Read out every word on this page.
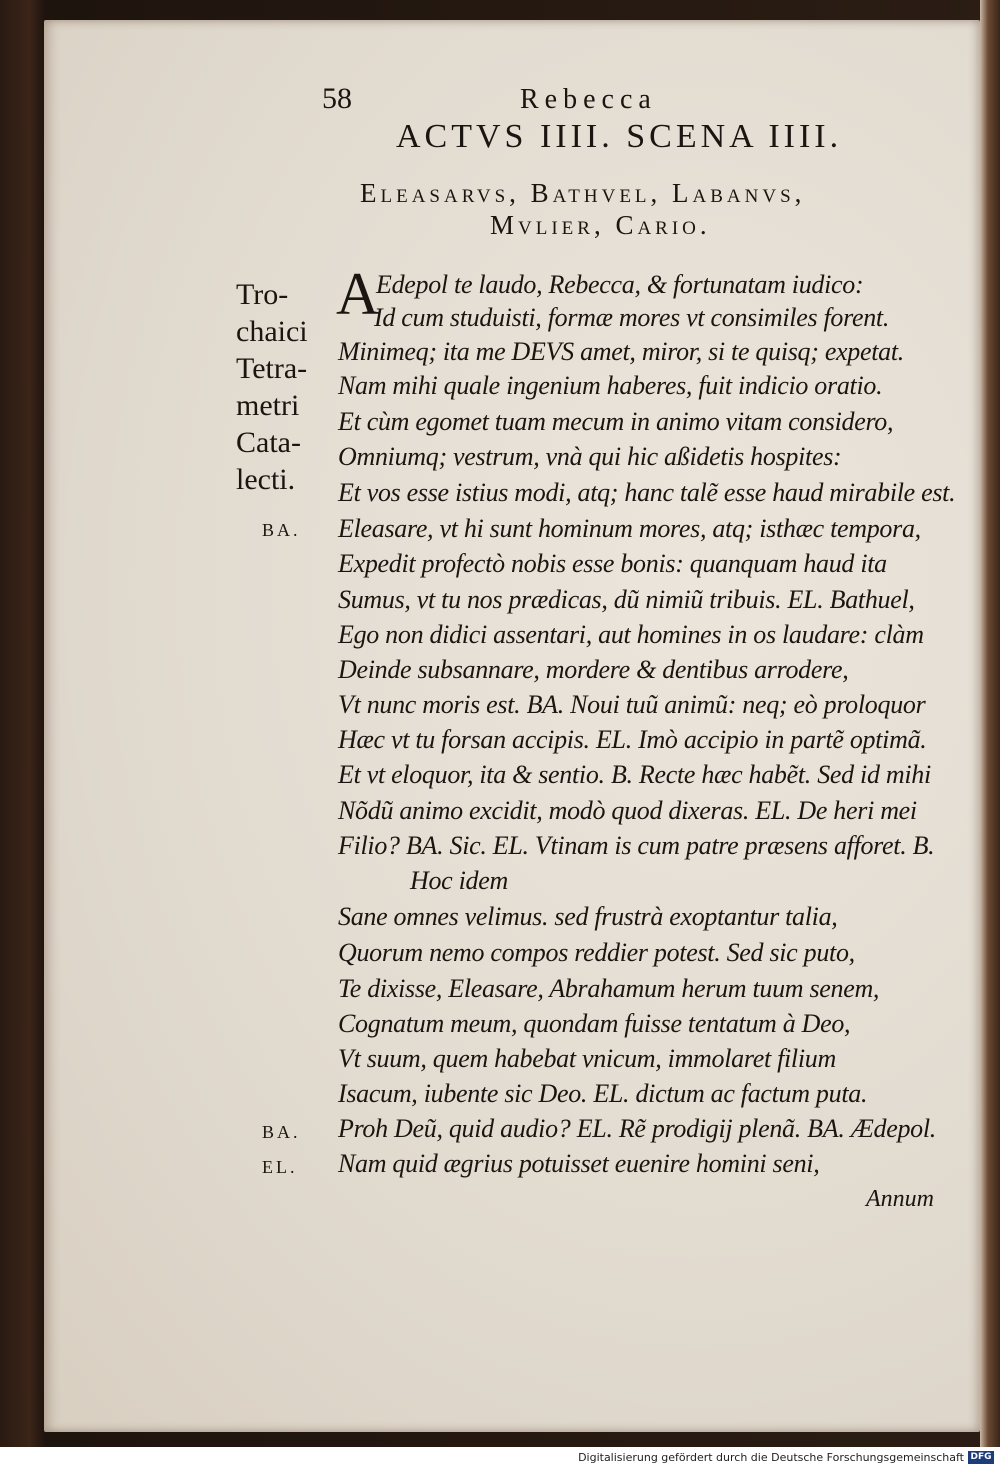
58	Rebecca
ACTVS IIII. SCENA IIII.
Eleasarvs, Bathvel, Labanvs,
Mvlier, Cario.
Tro-
chaici
Tetra-
metri
Cata-
lecti.
A
Edepol te laudo, Rebecca, & fortunatam iudico:
Id cum studuisti, formæ mores vt consimiles forent.
Minimeq; ita me DEVS amet, miror, si te quisq; expetat.
Nam mihi quale ingenium haberes, fuit indicio oratio.
Et cùm egomet tuam mecum in animo vitam considero,
Omniumq; vestrum, vnà qui hic aßidetis hospites:
Et vos esse istius modi, atq; hanc talẽ esse haud mirabile est.
Eleasare, vt hi sunt hominum mores, atq; isthæc tempora,
Expedit profectò nobis esse bonis: quanquam haud ita
Sumus, vt tu nos prædicas, dũ nimiũ tribuis. EL. Bathuel,
Ego non didici assentari, aut homines in os laudare: clàm
Deinde subsannare, mordere & dentibus arrodere,
Vt nunc moris est. BA. Noui tuũ animũ: neq; eò proloquor
Hæc vt tu forsan accipis. EL. Imò accipio in partẽ optimã.
Et vt eloquor, ita & sentio. B. Recte hæc habẽt. Sed id mihi
Nõdũ animo excidit, modò quod dixeras. EL. De heri mei
Filio? BA. Sic. EL. Vtinam is cum patre præsens afforet. B.
Hoc idem
Sane omnes velimus. sed frustrà exoptantur talia,
Quorum nemo compos reddier potest. Sed sic puto,
Te dixisse, Eleasare, Abrahamum herum tuum senem,
Cognatum meum, quondam fuisse tentatum à Deo,
Vt suum, quem habebat vnicum, immolaret filium
Isacum, iubente sic Deo. EL. dictum ac factum puta.
Proh Deũ, quid audio? EL. Rẽ prodigij plenã. BA. Ædepol.
Nam quid ægrius potuisset euenire homini seni,
BA.
BA.
EL.
Annum
Digitalisierung gefördert durch die Deutsche Forschungsgemeinschaft DFG
